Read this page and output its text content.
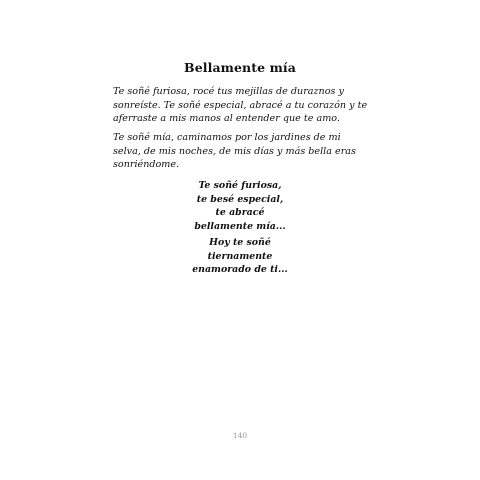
Bellamente mía
Te soñé furiosa, rocé tus mejillas de duraznos y
sonreíste. Te soñé especial, abracé a tu corazón y te
aferraste a mis manos al entender que te amo.
Te soñé mía, caminamos por los jardines de mi
selva, de mis noches, de mis días y más bella eras
sonriéndome.
Te soñé furiosa,
te besé especial,
te abracé
bellamente mía...
Hoy te soñé
tiernamente
enamorado de ti...
140
